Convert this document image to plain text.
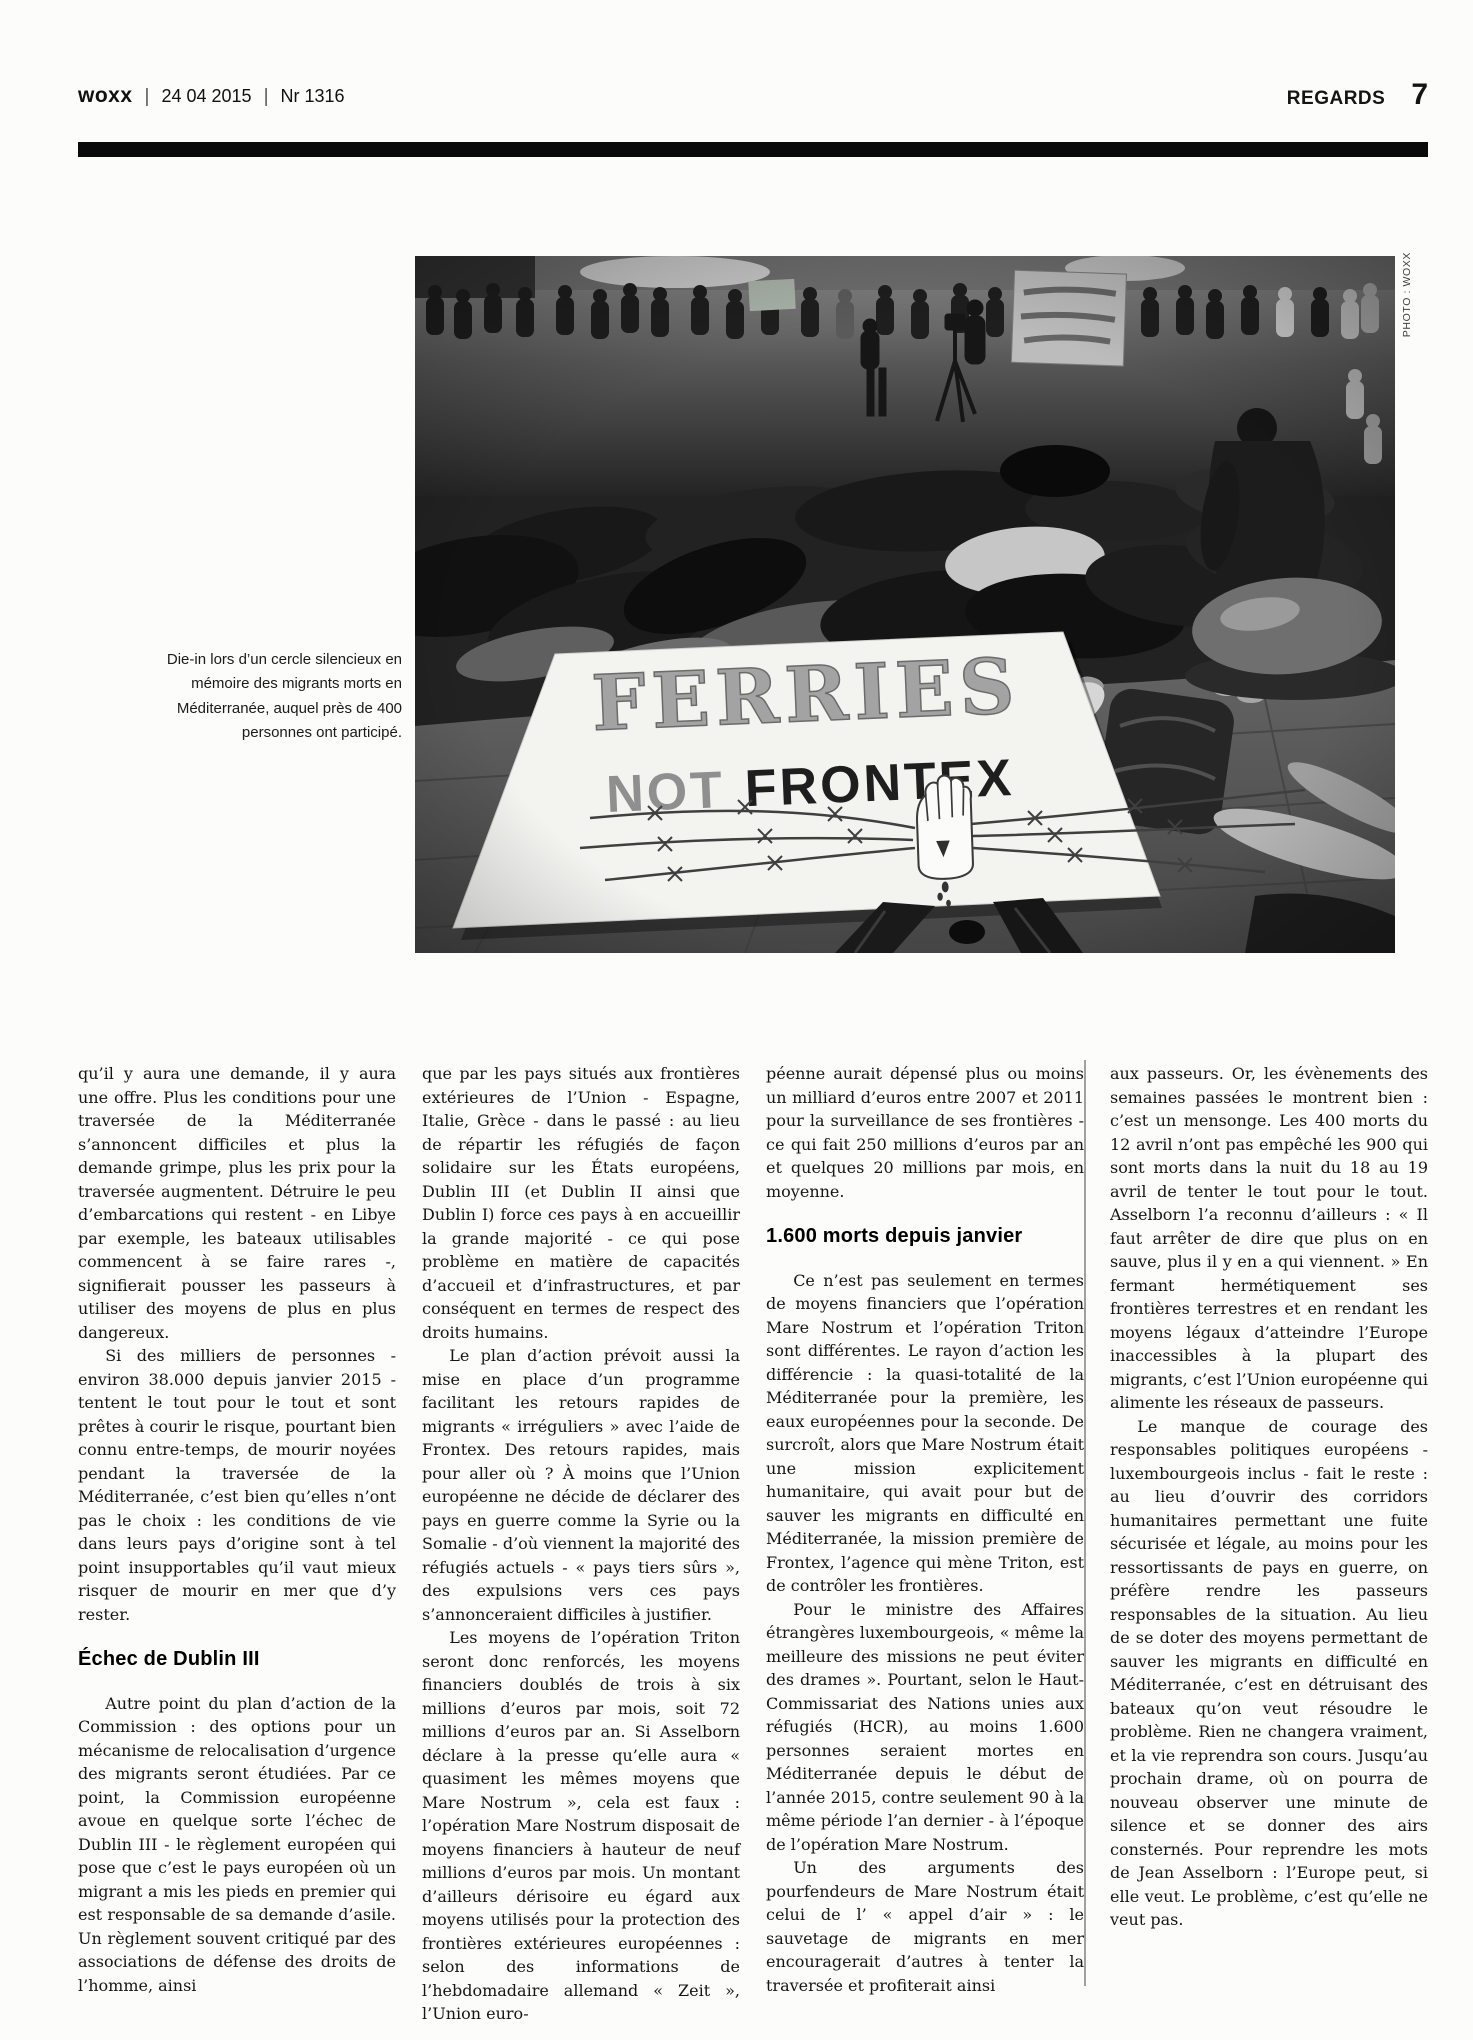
woxx | 24 04 2015 | Nr 1316	REGARDS 7
Die-in lors d’un cercle silencieux en mémoire des migrants morts en Méditerranée, auquel près de 400 personnes ont participé.
PHOTO : WOXX

qu’il y aura une demande, il y aura une offre. Plus les conditions pour une traversée de la Méditerranée s’annoncent difficiles et plus la demande grimpe, plus les prix pour la traversée augmentent. Détruire le peu d’embarcations qui restent - en Libye par exemple, les bateaux utilisables commencent à se faire rares -, signifierait pousser les passeurs à utiliser des moyens de plus en plus dangereux.

Si des milliers de personnes - environ 38.000 depuis janvier 2015 - tentent le tout pour le tout et sont prêtes à courir le risque, pourtant bien connu entre-temps, de mourir noyées pendant la traversée de la Méditerranée, c’est bien qu’elles n’ont pas le choix : les conditions de vie dans leurs pays d’origine sont à tel point insupportables qu’il vaut mieux risquer de mourir en mer que d’y rester.

Échec de Dublin III

Autre point du plan d’action de la Commission : des options pour un mécanisme de relocalisation d’urgence des migrants seront étudiées. Par ce point, la Commission européenne avoue en quelque sorte l’échec de Dublin III - le règlement européen qui pose que c’est le pays européen où un migrant a mis les pieds en premier qui est responsable de sa demande d’asile. Un règlement souvent critiqué par des associations de défense des droits de l’homme, ainsi

que par les pays situés aux frontières extérieures de l’Union - Espagne, Italie, Grèce - dans le passé : au lieu de répartir les réfugiés de façon solidaire sur les États européens, Dublin III (et Dublin II ainsi que Dublin I) force ces pays à en accueillir la grande majorité - ce qui pose problème en matière de capacités d’accueil et d’infrastructures, et par conséquent en termes de respect des droits humains.

Le plan d’action prévoit aussi la mise en place d’un programme facilitant les retours rapides de migrants « irréguliers » avec l’aide de Frontex. Des retours rapides, mais pour aller où ? À moins que l’Union européenne ne décide de déclarer des pays en guerre comme la Syrie ou la Somalie - d’où viennent la majorité des réfugiés actuels - « pays tiers sûrs », des expulsions vers ces pays s’annonceraient difficiles à justifier.

Les moyens de l’opération Triton seront donc renforcés, les moyens financiers doublés de trois à six millions d’euros par mois, soit 72 millions d’euros par an. Si Asselborn déclare à la presse qu’elle aura « quasiment les mêmes moyens que Mare Nostrum », cela est faux : l’opération Mare Nostrum disposait de moyens financiers à hauteur de neuf millions d’euros par mois. Un montant d’ailleurs dérisoire eu égard aux moyens utilisés pour la protection des frontières extérieures européennes : selon des informations de l’hebdomadaire allemand « Zeit », l’Union euro-

péenne aurait dépensé plus ou moins un milliard d’euros entre 2007 et 2011 pour la surveillance de ses frontières - ce qui fait 250 millions d’euros par an et quelques 20 millions par mois, en moyenne.

1.600 morts depuis janvier

Ce n’est pas seulement en termes de moyens financiers que l’opération Mare Nostrum et l’opération Triton sont différentes. Le rayon d’action les différencie : la quasi-totalité de la Méditerranée pour la première, les eaux européennes pour la seconde. De surcroît, alors que Mare Nostrum était une mission explicitement humanitaire, qui avait pour but de sauver les migrants en difficulté en Méditerranée, la mission première de Frontex, l’agence qui mène Triton, est de contrôler les frontières.

Pour le ministre des Affaires étrangères luxembourgeois, « même la meilleure des missions ne peut éviter des drames ». Pourtant, selon le Haut-Commissariat des Nations unies aux réfugiés (HCR), au moins 1.600 personnes seraient mortes en Méditerranée depuis le début de l’année 2015, contre seulement 90 à la même période l’an dernier - à l’époque de l’opération Mare Nostrum.

Un des arguments des pourfendeurs de Mare Nostrum était celui de l’ « appel d’air » : le sauvetage de migrants en mer encouragerait d’autres à tenter la traversée et profiterait ainsi

aux passeurs. Or, les évènements des semaines passées le montrent bien : c’est un mensonge. Les 400 morts du 12 avril n’ont pas empêché les 900 qui sont morts dans la nuit du 18 au 19 avril de tenter le tout pour le tout. Asselborn l’a reconnu d’ailleurs : « Il faut arrêter de dire que plus on en sauve, plus il y en a qui viennent. » En fermant hermétiquement ses frontières terrestres et en rendant les moyens légaux d’atteindre l’Europe inaccessibles à la plupart des migrants, c’est l’Union européenne qui alimente les réseaux de passeurs.

Le manque de courage des responsables politiques européens - luxembourgeois inclus - fait le reste : au lieu d’ouvrir des corridors humanitaires permettant une fuite sécurisée et légale, au moins pour les ressortissants de pays en guerre, on préfère rendre les passeurs responsables de la situation. Au lieu de se doter des moyens permettant de sauver les migrants en difficulté en Méditerranée, c’est en détruisant des bateaux qu’on veut résoudre le problème. Rien ne changera vraiment, et la vie reprendra son cours. Jusqu’au prochain drame, où on pourra de nouveau observer une minute de silence et se donner des airs consternés. Pour reprendre les mots de Jean Asselborn : l’Europe peut, si elle veut. Le problème, c’est qu’elle ne veut pas.
